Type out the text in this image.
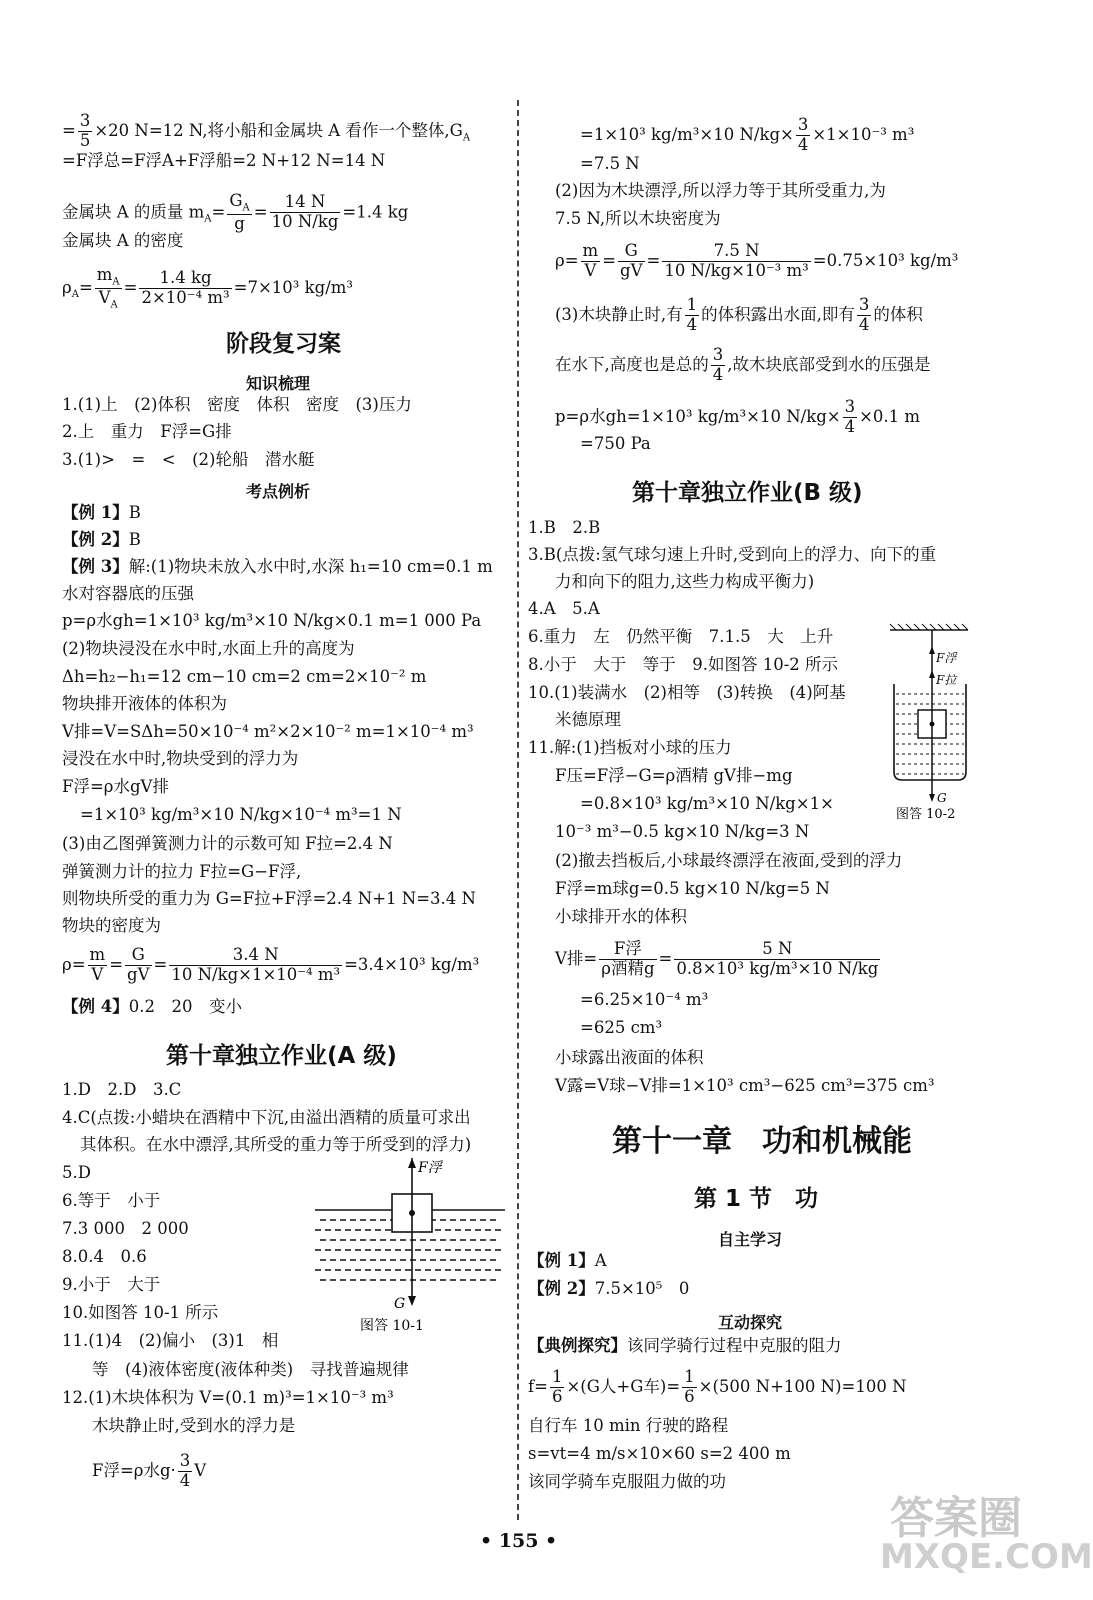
= $\frac{3}{5} \times 20$ N=12 N,将小船和金属块 A 看作一个整体$,G_A$
=F浮总=F浮A+F浮船=2 N+12 N=14 N
金属块 A 的质量 $m_A= \frac{G_A}{g} = \frac{14 N}{10 N/kg} =1.4$ kg
金属块 A 的密度
$\rho_A= \frac{m_A}{V_A} = \frac{1.4 kg}{\text{2×10⁻⁴ m³}} =7\times 10^3$ kg/m³
阶段复习案
知识梳理
1.(1)上　(2)体积　密度　体积　密度　(3)压力
2.上　重力　F浮=G排
3.(1)>　=　<　(2)轮船　潜水艇
考点例析
【例 1】B
【例 2】B
【例 3】解:(1)物块未放入水中时,水深 h₁=10 cm=0.1 m
水对容器底的压强
p=ρ水gh=1×10³ kg/m³×10 N/kg×0.1 m=1 000 Pa
(2)物块浸没在水中时,水面上升的高度为
Δh=h₂−h₁=12 cm−10 cm=2 cm=2×10⁻² m
物块排开液体的体积为
V排=V=SΔh=50×10⁻⁴ m²×2×10⁻² m=1×10⁻⁴ m³
浸没在水中时,物块受到的浮力为
F浮=ρ水gV排
=1×10³ kg/m³×10 N/kg×10⁻⁴ m³=1 N
(3)由乙图弹簧测力计的示数可知 F拉=2.4 N
弹簧测力计的拉力 F拉=G−F浮,
则物块所受的重力为 G=F拉+F浮=2.4 N+1 N=3.4 N
物块的密度为
$\rho= \frac{m}{V} = \frac{G}{gV} = \frac{3.4 N}{\text{10 N/kg×1×10⁻⁴ m³}} =3.4\times 10^3$ kg/m³
【例 4】0.2　20　变小
第十章独立作业(A 级)
1.D　2.D　3.C
4.C(点拨:小蜡块在酒精中下沉,由溢出酒精的质量可求出
其体积。在水中漂浮,其所受的重力等于所受到的浮力)
5.D
6.等于　小于
7.3 000　2 000
8.0.4　0.6
9.小于　大于
10.如图答 10-1 所示
11.(1)4　(2)偏小　(3)1　相
等　(4)液体密度(液体种类)　寻找普遍规律
12.(1)木块体积为 V=(0.1 m)³=1×10⁻³ m³
木块静止时,受到水的浮力是
F浮=ρ水$g\cdot \frac{3}{4}$ V
F浮
G
图答 10-1
=1×10³ kg/m³×10 $N/kg\times \frac{3}{4} \times 1\times 10^{-3}$ m³
=7.5 N
(2)因为木块漂浮,所以浮力等于其所受重力,为
7.5 N,所以木块密度为
$\rho= \frac{m}{V} = \frac{G}{gV} = \frac{7.5 N}{\text{10 N/kg×10⁻³ m³}} =0.75\times 10^3$ kg/m³
(3)木块静止时,有 $\frac{1}{4}$ 的体积露出水面,即有 $\frac{3}{4}$ 的体积
在水下,高度也是总的 $\frac{3}{4}$ ,故木块底部受到水的压强是
p=ρ水gh=1×10³ kg/m³×10 $N/kg\times \frac{3}{4} \times 0.1$ m
=750 Pa
第十章独立作业(B 级)
1.B　2.B
3.B(点拨:氢气球匀速上升时,受到向上的浮力、向下的重
力和向下的阻力,这些力构成平衡力)
4.A　5.A
6.重力　左　仍然平衡　7.1.5　大　上升
8.小于　大于　等于　9.如图答 10-2 所示
10.(1)装满水　(2)相等　(3)转换　(4)阿基
米德原理
11.解:(1)挡板对小球的压力
F压=F浮−G=ρ酒精 gV排−mg
=0.8×10³ kg/m³×10 N/kg×1×
10⁻³ m³−0.5 kg×10 N/kg=3 N
(2)撤去挡板后,小球最终漂浮在液面,受到的浮力
F浮=m球g=0.5 kg×10 N/kg=5 N
小球排开水的体积
V排= $\frac{\text{F浮}}{\text{ρ酒精g}} = \frac{5 N}{\text{0.8×10³ kg/m³×10 N/kg}}$
=6.25×10⁻⁴ m³
=625 cm³
小球露出液面的体积
V露=V球−V排=1×10³ cm³−625 cm³=375 cm³
F浮
F拉
G
图答 10-2
第十一章　功和机械能
第 1 节　功
自主学习
【例 1】A
【例 2】7.5×10⁵　0
互动探究
【典例探究】该同学骑行过程中克服的阻力
$f= \frac{1}{6} \times(G$人+G车)= $\frac{1}{6} \times(500$ N+100 N)=100 N
自行车 10 min 行驶的路程
s=vt=4 m/s×10×60 s=2 400 m
该同学骑车克服阻力做的功
• 155 •	答案圈
MXQE.COM
